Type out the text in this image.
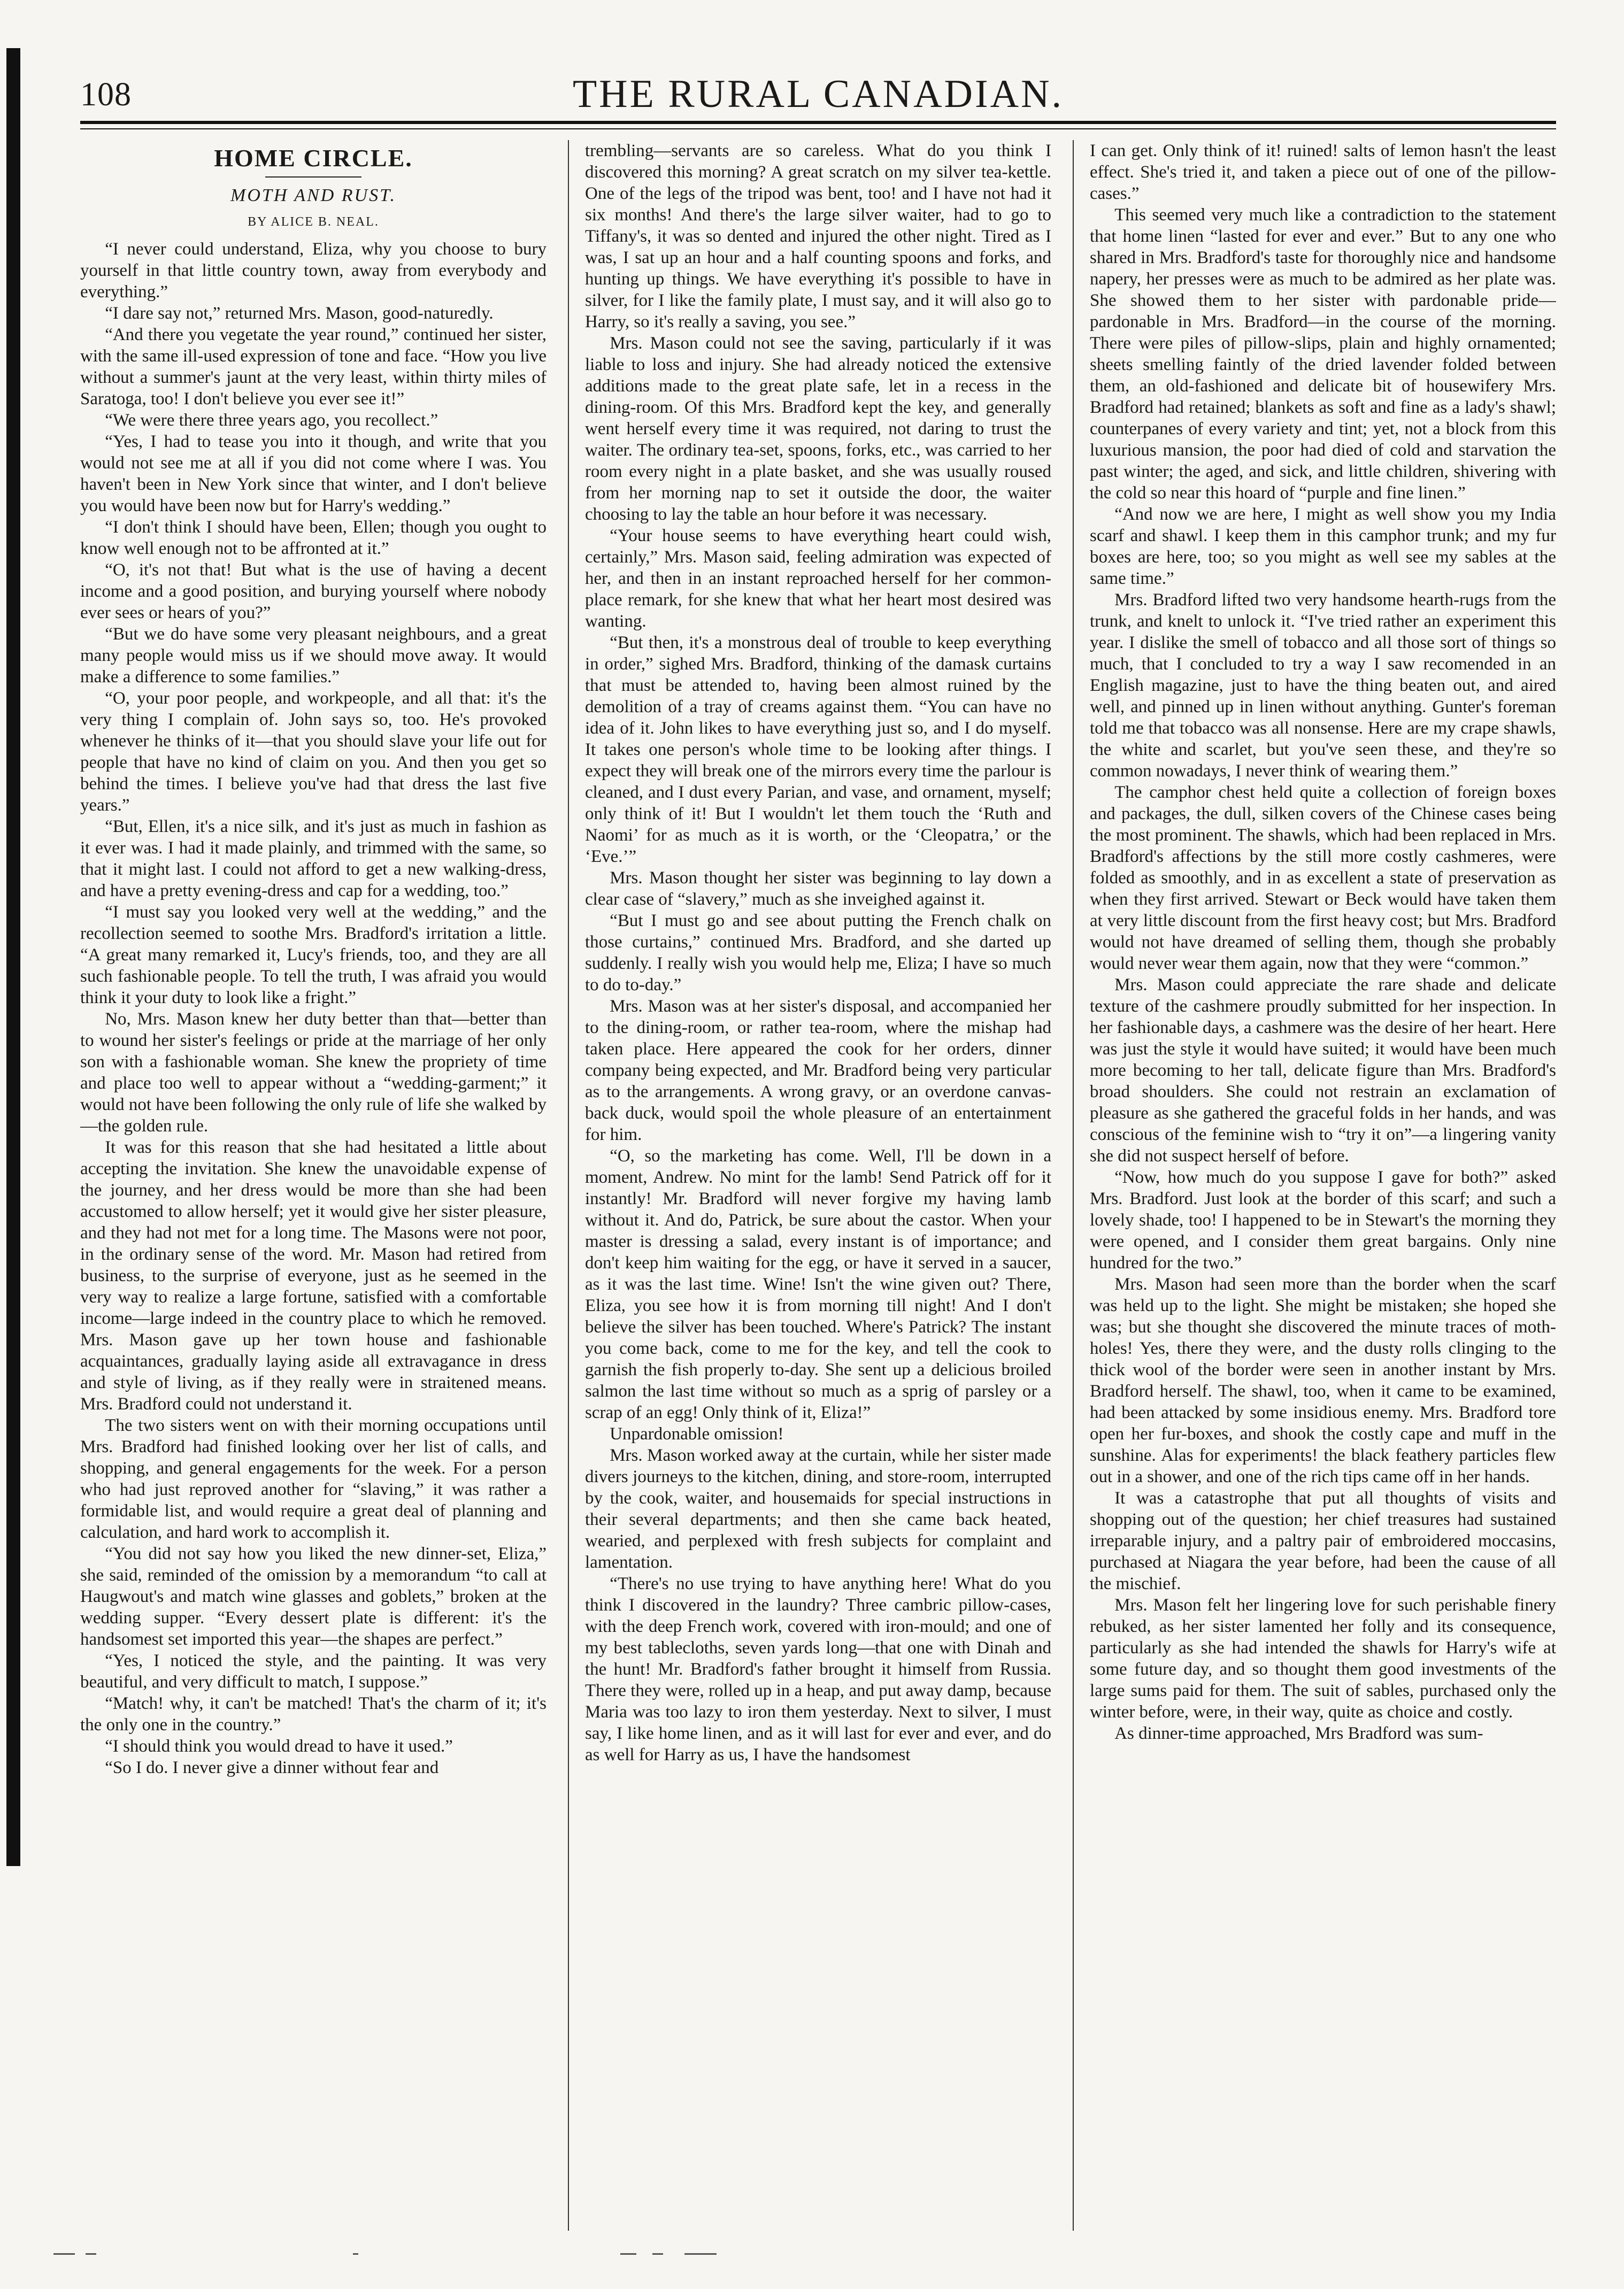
108	THE RURAL CANADIAN.
HOME CIRCLE.
MOTH AND RUST.
BY ALICE B. NEAL.

“I never could understand, Eliza, why you choose to bury yourself in that little country town, away from everybody and everything.”

“I dare say not,” returned Mrs. Mason, good-naturedly.

“And there you vegetate the year round,” continued her sister, with the same ill-used expression of tone and face. “How you live without a summer's jaunt at the very least, within thirty miles of Saratoga, too! I don't believe you ever see it!”

“We were there three years ago, you recollect.”

“Yes, I had to tease you into it though, and write that you would not see me at all if you did not come where I was. You haven't been in New York since that winter, and I don't believe you would have been now but for Harry's wedding.”

“I don't think I should have been, Ellen; though you ought to know well enough not to be affronted at it.”

“O, it's not that! But what is the use of having a decent income and a good position, and burying yourself where nobody ever sees or hears of you?”

“But we do have some very pleasant neighbours, and a great many people would miss us if we should move away. It would make a difference to some families.”

“O, your poor people, and workpeople, and all that: it's the very thing I complain of. John says so, too. He's provoked whenever he thinks of it—that you should slave your life out for people that have no kind of claim on you. And then you get so behind the times. I believe you've had that dress the last five years.”

“But, Ellen, it's a nice silk, and it's just as much in fashion as it ever was. I had it made plainly, and trimmed with the same, so that it might last. I could not afford to get a new walking-dress, and have a pretty evening-dress and cap for a wedding, too.”

“I must say you looked very well at the wedding,” and the recollection seemed to soothe Mrs. Bradford's irritation a little. “A great many remarked it, Lucy's friends, too, and they are all such fashionable people. To tell the truth, I was afraid you would think it your duty to look like a fright.”

No, Mrs. Mason knew her duty better than that—better than to wound her sister's feelings or pride at the marriage of her only son with a fashionable woman. She knew the propriety of time and place too well to appear without a “wedding-garment;” it would not have been following the only rule of life she walked by—the golden rule.

It was for this reason that she had hesitated a little about accepting the invitation. She knew the unavoidable expense of the journey, and her dress would be more than she had been accustomed to allow herself; yet it would give her sister pleasure, and they had not met for a long time. The Masons were not poor, in the ordinary sense of the word. Mr. Mason had retired from business, to the surprise of everyone, just as he seemed in the very way to realize a large fortune, satisfied with a comfortable income—large indeed in the country place to which he removed. Mrs. Mason gave up her town house and fashionable acquaintances, gradually laying aside all extravagance in dress and style of living, as if they really were in straitened means. Mrs. Bradford could not understand it.

The two sisters went on with their morning occupations until Mrs. Bradford had finished looking over her list of calls, and shopping, and general engagements for the week. For a person who had just reproved another for “slaving,” it was rather a formidable list, and would require a great deal of planning and calculation, and hard work to accomplish it.

“You did not say how you liked the new dinner-set, Eliza,” she said, reminded of the omission by a memorandum “to call at Haugwout's and match wine glasses and goblets,” broken at the wedding supper. “Every dessert plate is different: it's the handsomest set imported this year—the shapes are perfect.”

“Yes, I noticed the style, and the painting. It was very beautiful, and very difficult to match, I suppose.”

“Match! why, it can't be matched! That's the charm of it; it's the only one in the country.”

“I should think you would dread to have it used.”

“So I do. I never give a dinner without fear and

trembling—servants are so careless. What do you think I discovered this morning? A great scratch on my silver tea-kettle. One of the legs of the tripod was bent, too! and I have not had it six months! And there's the large silver waiter, had to go to Tiffany's, it was so dented and injured the other night. Tired as I was, I sat up an hour and a half counting spoons and forks, and hunting up things. We have everything it's possible to have in silver, for I like the family plate, I must say, and it will also go to Harry, so it's really a saving, you see.”

Mrs. Mason could not see the saving, particularly if it was liable to loss and injury. She had already noticed the extensive additions made to the great plate safe, let in a recess in the dining-room. Of this Mrs. Bradford kept the key, and generally went herself every time it was required, not daring to trust the waiter. The ordinary tea-set, spoons, forks, etc., was carried to her room every night in a plate basket, and she was usually roused from her morning nap to set it outside the door, the waiter choosing to lay the table an hour before it was necessary.

“Your house seems to have everything heart could wish, certainly,” Mrs. Mason said, feeling admiration was expected of her, and then in an instant reproached herself for her common-place remark, for she knew that what her heart most desired was wanting.

“But then, it's a monstrous deal of trouble to keep everything in order,” sighed Mrs. Bradford, thinking of the damask curtains that must be attended to, having been almost ruined by the demolition of a tray of creams against them. “You can have no idea of it. John likes to have everything just so, and I do myself. It takes one person's whole time to be looking after things. I expect they will break one of the mirrors every time the parlour is cleaned, and I dust every Parian, and vase, and ornament, myself; only think of it! But I wouldn't let them touch the ‘Ruth and Naomi’ for as much as it is worth, or the ‘Cleopatra,’ or the ‘Eve.’”

Mrs. Mason thought her sister was beginning to lay down a clear case of “slavery,” much as she inveighed against it.

“But I must go and see about putting the French chalk on those curtains,” continued Mrs. Bradford, and she darted up suddenly. I really wish you would help me, Eliza; I have so much to do to-day.”

Mrs. Mason was at her sister's disposal, and accompanied her to the dining-room, or rather tea-room, where the mishap had taken place. Here appeared the cook for her orders, dinner company being expected, and Mr. Bradford being very particular as to the arrangements. A wrong gravy, or an overdone canvas-back duck, would spoil the whole pleasure of an entertainment for him.

“O, so the marketing has come. Well, I'll be down in a moment, Andrew. No mint for the lamb! Send Patrick off for it instantly! Mr. Bradford will never forgive my having lamb without it. And do, Patrick, be sure about the castor. When your master is dressing a salad, every instant is of importance; and don't keep him waiting for the egg, or have it served in a saucer, as it was the last time. Wine! Isn't the wine given out? There, Eliza, you see how it is from morning till night! And I don't believe the silver has been touched. Where's Patrick? The instant you come back, come to me for the key, and tell the cook to garnish the fish properly to-day. She sent up a delicious broiled salmon the last time without so much as a sprig of parsley or a scrap of an egg! Only think of it, Eliza!”

Unpardonable omission!

Mrs. Mason worked away at the curtain, while her sister made divers journeys to the kitchen, dining, and store-room, interrupted by the cook, waiter, and housemaids for special instructions in their several departments; and then she came back heated, wearied, and perplexed with fresh subjects for complaint and lamentation.

“There's no use trying to have anything here! What do you think I discovered in the laundry? Three cambric pillow-cases, with the deep French work, covered with iron-mould; and one of my best tablecloths, seven yards long—that one with Dinah and the hunt! Mr. Bradford's father brought it himself from Russia. There they were, rolled up in a heap, and put away damp, because Maria was too lazy to iron them yesterday. Next to silver, I must say, I like home linen, and as it will last for ever and ever, and do as well for Harry as us, I have the handsomest

I can get. Only think of it! ruined! salts of lemon hasn't the least effect. She's tried it, and taken a piece out of one of the pillow-cases.”

This seemed very much like a contradiction to the statement that home linen “lasted for ever and ever.” But to any one who shared in Mrs. Bradford's taste for thoroughly nice and handsome napery, her presses were as much to be admired as her plate was. She showed them to her sister with pardonable pride—pardonable in Mrs. Bradford—in the course of the morning. There were piles of pillow-slips, plain and highly ornamented; sheets smelling faintly of the dried lavender folded between them, an old-fashioned and delicate bit of housewifery Mrs. Bradford had retained; blankets as soft and fine as a lady's shawl; counterpanes of every variety and tint; yet, not a block from this luxurious mansion, the poor had died of cold and starvation the past winter; the aged, and sick, and little children, shivering with the cold so near this hoard of “purple and fine linen.”

“And now we are here, I might as well show you my India scarf and shawl. I keep them in this camphor trunk; and my fur boxes are here, too; so you might as well see my sables at the same time.”

Mrs. Bradford lifted two very handsome hearth-rugs from the trunk, and knelt to unlock it. “I've tried rather an experiment this year. I dislike the smell of tobacco and all those sort of things so much, that I concluded to try a way I saw recomended in an English magazine, just to have the thing beaten out, and aired well, and pinned up in linen without anything. Gunter's foreman told me that tobacco was all nonsense. Here are my crape shawls, the white and scarlet, but you've seen these, and they're so common nowadays, I never think of wearing them.”

The camphor chest held quite a collection of foreign boxes and packages, the dull, silken covers of the Chinese cases being the most prominent. The shawls, which had been replaced in Mrs. Bradford's affections by the still more costly cashmeres, were folded as smoothly, and in as excellent a state of preservation as when they first arrived. Stewart or Beck would have taken them at very little discount from the first heavy cost; but Mrs. Bradford would not have dreamed of selling them, though she probably would never wear them again, now that they were “common.”

Mrs. Mason could appreciate the rare shade and delicate texture of the cashmere proudly submitted for her inspection. In her fashionable days, a cashmere was the desire of her heart. Here was just the style it would have suited; it would have been much more becoming to her tall, delicate figure than Mrs. Bradford's broad shoulders. She could not restrain an exclamation of pleasure as she gathered the graceful folds in her hands, and was conscious of the feminine wish to “try it on”—a lingering vanity she did not suspect herself of before.

“Now, how much do you suppose I gave for both?” asked Mrs. Bradford. Just look at the border of this scarf; and such a lovely shade, too! I happened to be in Stewart's the morning they were opened, and I consider them great bargains. Only nine hundred for the two.”

Mrs. Mason had seen more than the border when the scarf was held up to the light. She might be mistaken; she hoped she was; but she thought she discovered the minute traces of moth-holes! Yes, there they were, and the dusty rolls clinging to the thick wool of the border were seen in another instant by Mrs. Bradford herself. The shawl, too, when it came to be examined, had been attacked by some insidious enemy. Mrs. Bradford tore open her fur-boxes, and shook the costly cape and muff in the sunshine. Alas for experiments! the black feathery particles flew out in a shower, and one of the rich tips came off in her hands.

It was a catastrophe that put all thoughts of visits and shopping out of the question; her chief treasures had sustained irreparable injury, and a paltry pair of embroidered moccasins, purchased at Niagara the year before, had been the cause of all the mischief.

Mrs. Mason felt her lingering love for such perishable finery rebuked, as her sister lamented her folly and its consequence, particularly as she had intended the shawls for Harry's wife at some future day, and so thought them good investments of the large sums paid for them. The suit of sables, purchased only the winter before, were, in their way, quite as choice and costly.

As dinner-time approached, Mrs Bradford was sum-
